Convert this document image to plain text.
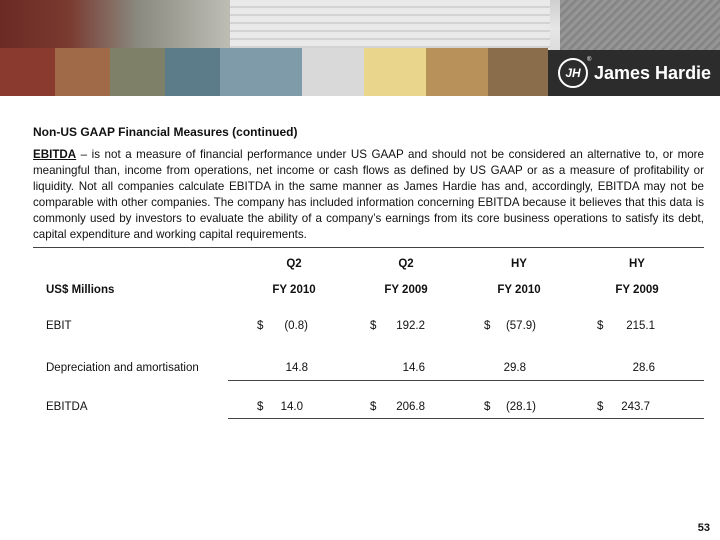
JH
®
James Hardie
Non-US GAAP Financial Measures (continued)
EBITDA – is not a measure of financial performance under US GAAP and should not be considered an alternative to, or more meaningful than, income from operations, net income or cash flows as defined by US GAAP or as a measure of profitability or liquidity. Not all companies calculate EBITDA in the same manner as James Hardie has and, accordingly, EBITDA may not be comparable with other companies. The company has included information concerning EBITDA because it believes that this data is commonly used by investors to evaluate the ability of a company’s earnings from its core business operations to satisfy its debt, capital expenditure and working capital requirements.
Q2	Q2	HY	HY
US$ Millions	FY 2010	FY 2009	FY 2010	FY 2009
EBIT	$	(0.8)	$	192.2	$	(57.9)	$	215.1
Depreciation and amortisation	14.8	14.6	29.8	28.6
EBITDA	$	14.0	$	206.8	$	(28.1)	$	243.7
53
